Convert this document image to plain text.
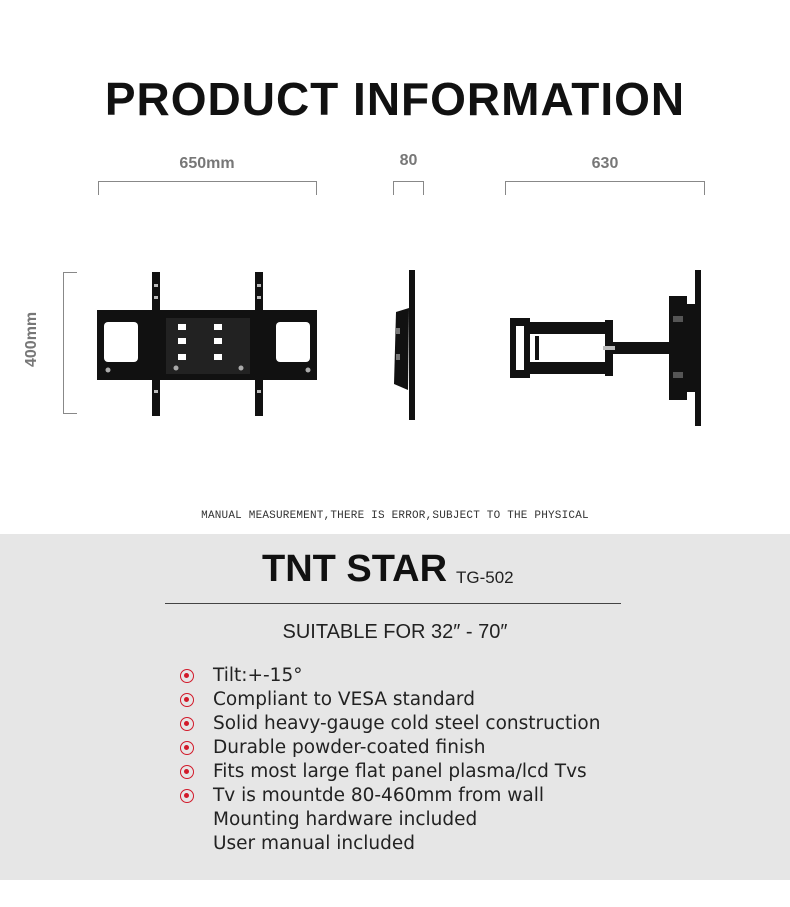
PRODUCT INFORMATION
650mm	80	630
400mm
MANUAL MEASUREMENT,THERE IS ERROR,SUBJECT TO THE PHYSICAL
TNT STAR TG-502
SUITABLE FOR 32″ - 70″
Tilt:+-15°
Compliant to VESA standard
Solid heavy-gauge cold steel construction
Durable powder-coated finish
Fits most large flat panel plasma/lcd Tvs
Tv is mountde 80-460mm from wall
Mounting hardware included
User manual included
